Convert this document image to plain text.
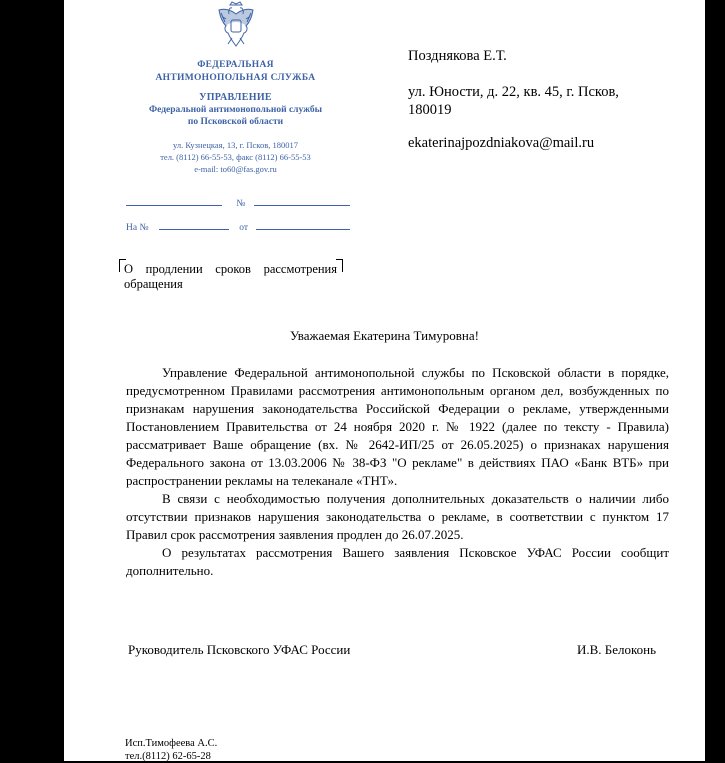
ФЕДЕРАЛЬНАЯ
АНТИМОНОПОЛЬНАЯ СЛУЖБА
УПРАВЛЕНИЕ
Федеральной антимонопольной службы
по Псковской области
ул. Кузнецкая, 13, г. Псков, 180017
тел. (8112) 66-55-53, факс (8112) 66-55-53
e-mail: to60@fas.gov.ru
№
На №	от
Позднякова Е.Т.
ул. Юности, д. 22, кв. 45, г. Псков,
180019
ekaterinajpozdniakova@mail.ru
О продлении сроков рассмотрения
обращения
Уважаемая Екатерина Тимуровна!

Управление Федеральной антимонопольной службы по Псковской области в порядке, предусмотренном Правилами рассмотрения антимонопольным органом дел, возбужденных по признакам нарушения законодательства Российской Федерации о рекламе, утвержденными Постановлением Правительства от 24 ноября 2020 г. № 1922 (далее по тексту - Правила) рассматривает Ваше обращение (вх. № 2642-ИП/25 от 26.05.2025) о признаках нарушения Федерального закона от 13.03.2006 № 38-ФЗ "О рекламе" в действиях ПАО «Банк ВТБ» при распространении рекламы на телеканале «ТНТ».

В связи с необходимостью получения дополнительных доказательств о наличии либо отсутствии признаков нарушения законодательства о рекламе, в соответствии с пунктом 17 Правил срок рассмотрения заявления продлен до 26.07.2025.

О результатах рассмотрения Вашего заявления Псковское УФАС России сообщит дополнительно.

Руководитель Псковского УФАС России	И.В. Белоконь
Исп.Тимофеева А.С.
тел.(8112) 62-65-28
